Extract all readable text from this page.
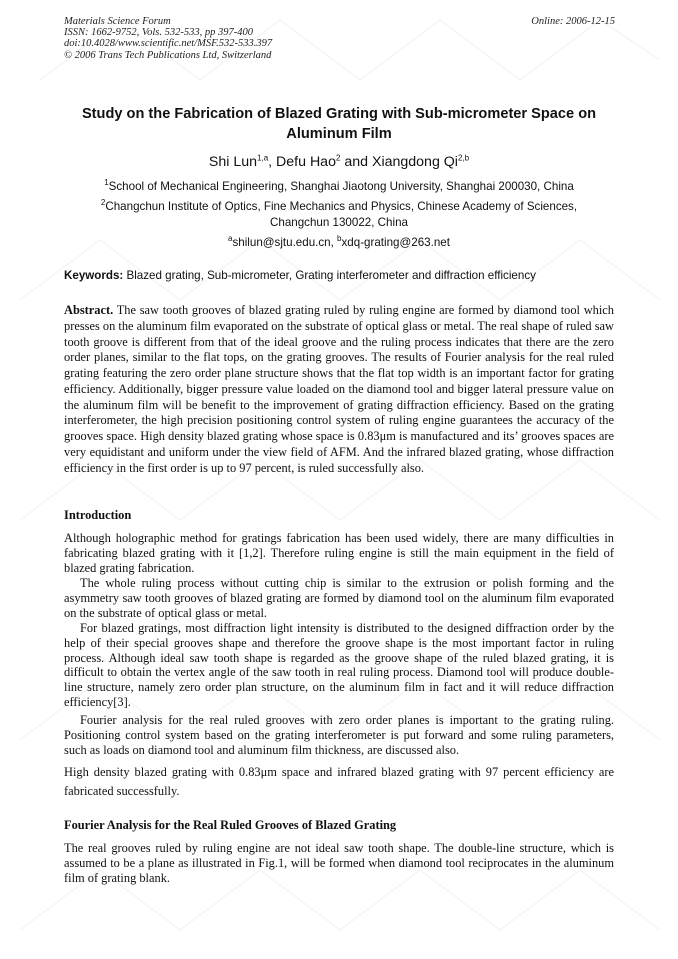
Materials Science Forum
ISSN: 1662-9752, Vols. 532-533, pp 397-400
doi:10.4028/www.scientific.net/MSF.532-533.397
© 2006 Trans Tech Publications Ltd, Switzerland
Online: 2006-12-15
Study on the Fabrication of Blazed Grating with Sub-micrometer Space on Aluminum Film
Shi Lun$^{1,a}$, Defu Hao$^2$ and Xiangdong Qi$^{2,b}$
$^1$School of Mechanical Engineering, Shanghai Jiaotong University, Shanghai 200030, China
$^2$Changchun Institute of Optics, Fine Mechanics and Physics, Chinese Academy of Sciences, Changchun 130022, China
$^a$shilun@sjtu.edu.cn, $^b$xdq-grating@263.net
Keywords: Blazed grating, Sub-micrometer, Grating interferometer and diffraction efficiency
Abstract. The saw tooth grooves of blazed grating ruled by ruling engine are formed by diamond tool which presses on the aluminum film evaporated on the substrate of optical glass or metal. The real shape of ruled saw tooth groove is different from that of the ideal groove and the ruling process indicates that there are the zero order planes, similar to the flat tops, on the grating grooves. The results of Fourier analysis for the real ruled grating featuring the zero order plane structure shows that the flat top width is an important factor for grating efficiency. Additionally, bigger pressure value loaded on the diamond tool and bigger lateral pressure value on the aluminum film will be benefit to the improvement of grating diffraction efficiency. Based on the grating interferometer, the high precision positioning control system of ruling engine guarantees the accuracy of the grooves space. High density blazed grating whose space is 0.83μm is manufactured and its’ grooves spaces are very equidistant and uniform under the view field of AFM. And the infrared blazed grating, whose diffraction efficiency in the first order is up to 97 percent, is ruled successfully also.
Introduction
Although holographic method for gratings fabrication has been used widely, there are many difficulties in fabricating blazed grating with it [1,2]. Therefore ruling engine is still the main equipment in the field of blazed grating fabrication.
The whole ruling process without cutting chip is similar to the extrusion or polish forming and the asymmetry saw tooth grooves of blazed grating are formed by diamond tool on the aluminum film evaporated on the substrate of optical glass or metal.
For blazed gratings, most diffraction light intensity is distributed to the designed diffraction order by the help of their special grooves shape and therefore the groove shape is the most important factor in ruling process. Although ideal saw tooth shape is regarded as the groove shape of the ruled blazed grating, it is difficult to obtain the vertex angle of the saw tooth in real ruling process. Diamond tool will produce double-line structure, namely zero order plan structure, on the aluminum film in fact and it will reduce diffraction efficiency[3].
Fourier analysis for the real ruled grooves with zero order planes is important to the grating ruling. Positioning control system based on the grating interferometer is put forward and some ruling parameters, such as loads on diamond tool and aluminum film thickness, are discussed also.
High density blazed grating with 0.83μm space and infrared blazed grating with 97 percent efficiency are fabricated successfully.
Fourier Analysis for the Real Ruled Grooves of Blazed Grating
The real grooves ruled by ruling engine are not ideal saw tooth shape. The double-line structure, which is assumed to be a plane as illustrated in Fig.1, will be formed when diamond tool reciprocates in the aluminum film of grating blank.
